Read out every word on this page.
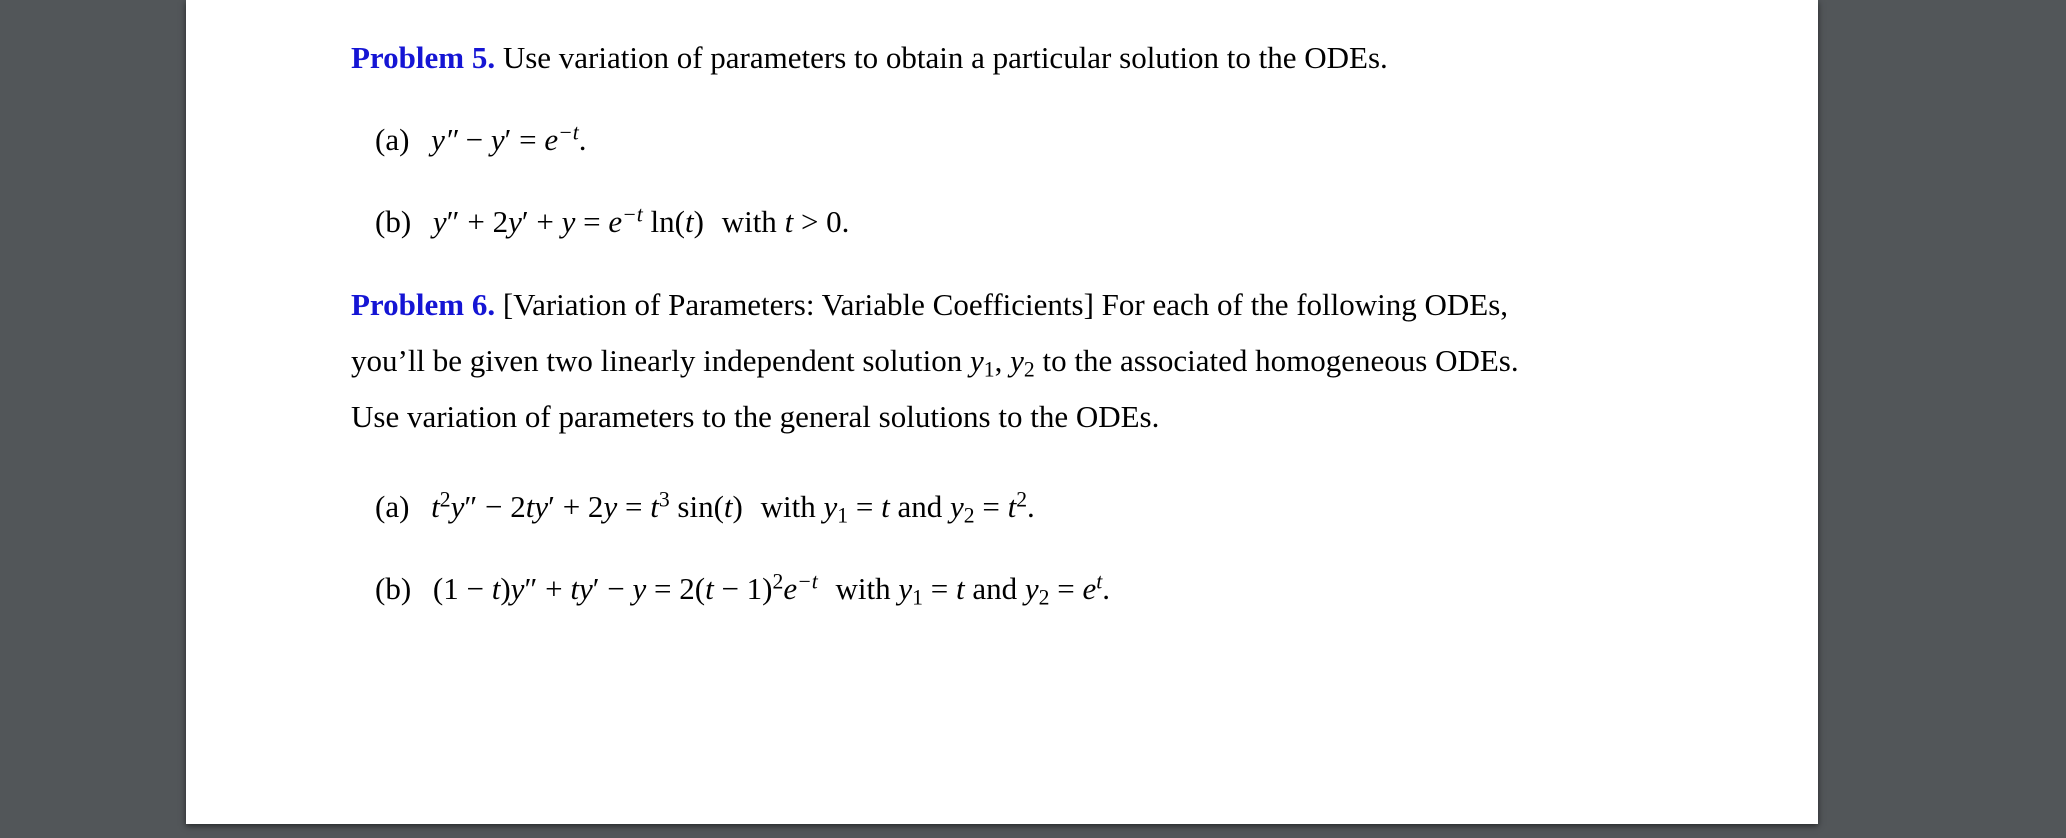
Problem 5. Use variation of parameters to obtain a particular solution to the ODEs.
(a) $y'' - y' = e^{-t}$.
(b) $y'' + 2y' + y = e^{-t}$ ln(t) with t > 0.
Problem 6. [Variation of Parameters: Variable Coefficients] For each of the following ODEs,
you’ll be given two linearly independent solution y1, y2 to the associated homogeneous ODEs.
Use variation of parameters to the general solutions to the ODEs.
(a) $t^2y'' - 2ty' + 2y = t^3$ sin(t) with y1 = t and $y2 = t^2$.
(b) $(1 - t)y'' + ty' - y = 2(t - 1)^2e^{-t}$ with y1 = t and $y2 = e^t$.
